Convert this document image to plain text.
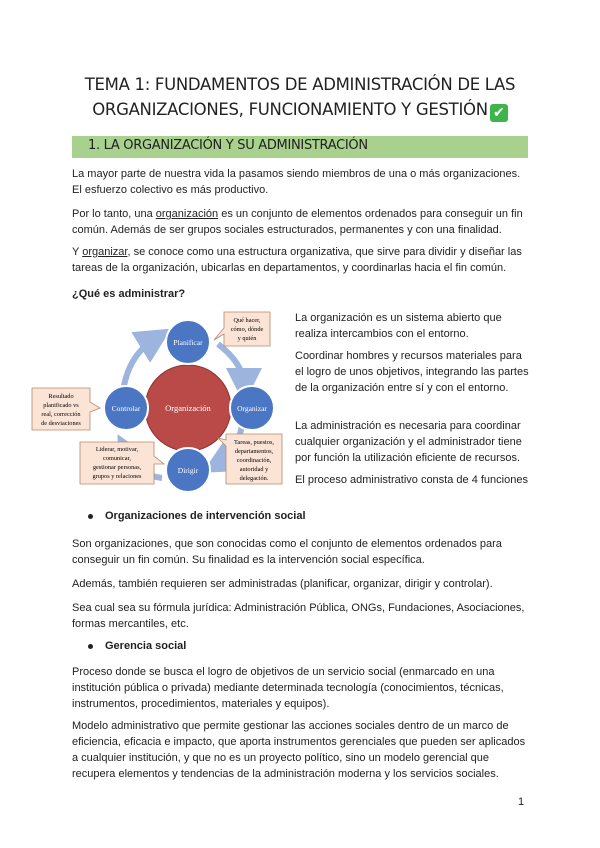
TEMA 1: FUNDAMENTOS DE ADMINISTRACIÓN DE LAS
ORGANIZACIONES, FUNCIONAMIENTO Y GESTIÓN ✔
1. LA ORGANIZACIÓN Y SU ADMINISTRACIÓN
La mayor parte de nuestra vida la pasamos siendo miembros de una o más organizaciones. El esfuerzo colectivo es más productivo.
Por lo tanto, una organización es un conjunto de elementos ordenados para conseguir un fin común. Además de ser grupos sociales estructurados, permanentes y con una finalidad.
Y organizar, se conoce como una estructura organizativa, que sirve para dividir y diseñar las tareas de la organización, ubicarlas en departamentos, y coordinarlas hacia el fin común.
¿Qué es administrar?
Organización
Planificar
Organizar
Dirigir
Controlar
Qué hacer,
cómo, dónde
y quién
Tareas, puestos,
departamentos,
coordinación,
autoridad y
delegación.
Liderar, motivar,
comunicar,
gestionar personas,
grupos y relaciones
Resultado
planificado vs
real, corrección
de desviaciones
La organización es un sistema abierto que realiza intercambios con el entorno.
Coordinar hombres y recursos materiales para el logro de unos objetivos, integrando las partes de la organización entre sí y con el entorno.
La administración es necesaria para coordinar cualquier organización y el administrador tiene por función la utilización eficiente de recursos.
El proceso administrativo consta de 4 funciones
Organizaciones de intervención social
Son organizaciones, que son conocidas como el conjunto de elementos ordenados para conseguir un fin común. Su finalidad es la intervención social específica.
Además, también requieren ser administradas (planificar, organizar, dirigir y controlar).
Sea cual sea su fórmula jurídica: Administración Pública, ONGs, Fundaciones, Asociaciones, formas mercantiles, etc.
Gerencia social
Proceso donde se busca el logro de objetivos de un servicio social (enmarcado en una institución pública o privada) mediante determinada tecnología (conocimientos, técnicas, instrumentos, procedimientos, materiales y equipos).
Modelo administrativo que permite gestionar las acciones sociales dentro de un marco de eficiencia, eficacia e impacto, que aporta instrumentos gerenciales que pueden ser aplicados a cualquier institución, y que no es un proyecto político, sino un modelo gerencial que recupera elementos y tendencias de la administración moderna y los servicios sociales.
1
